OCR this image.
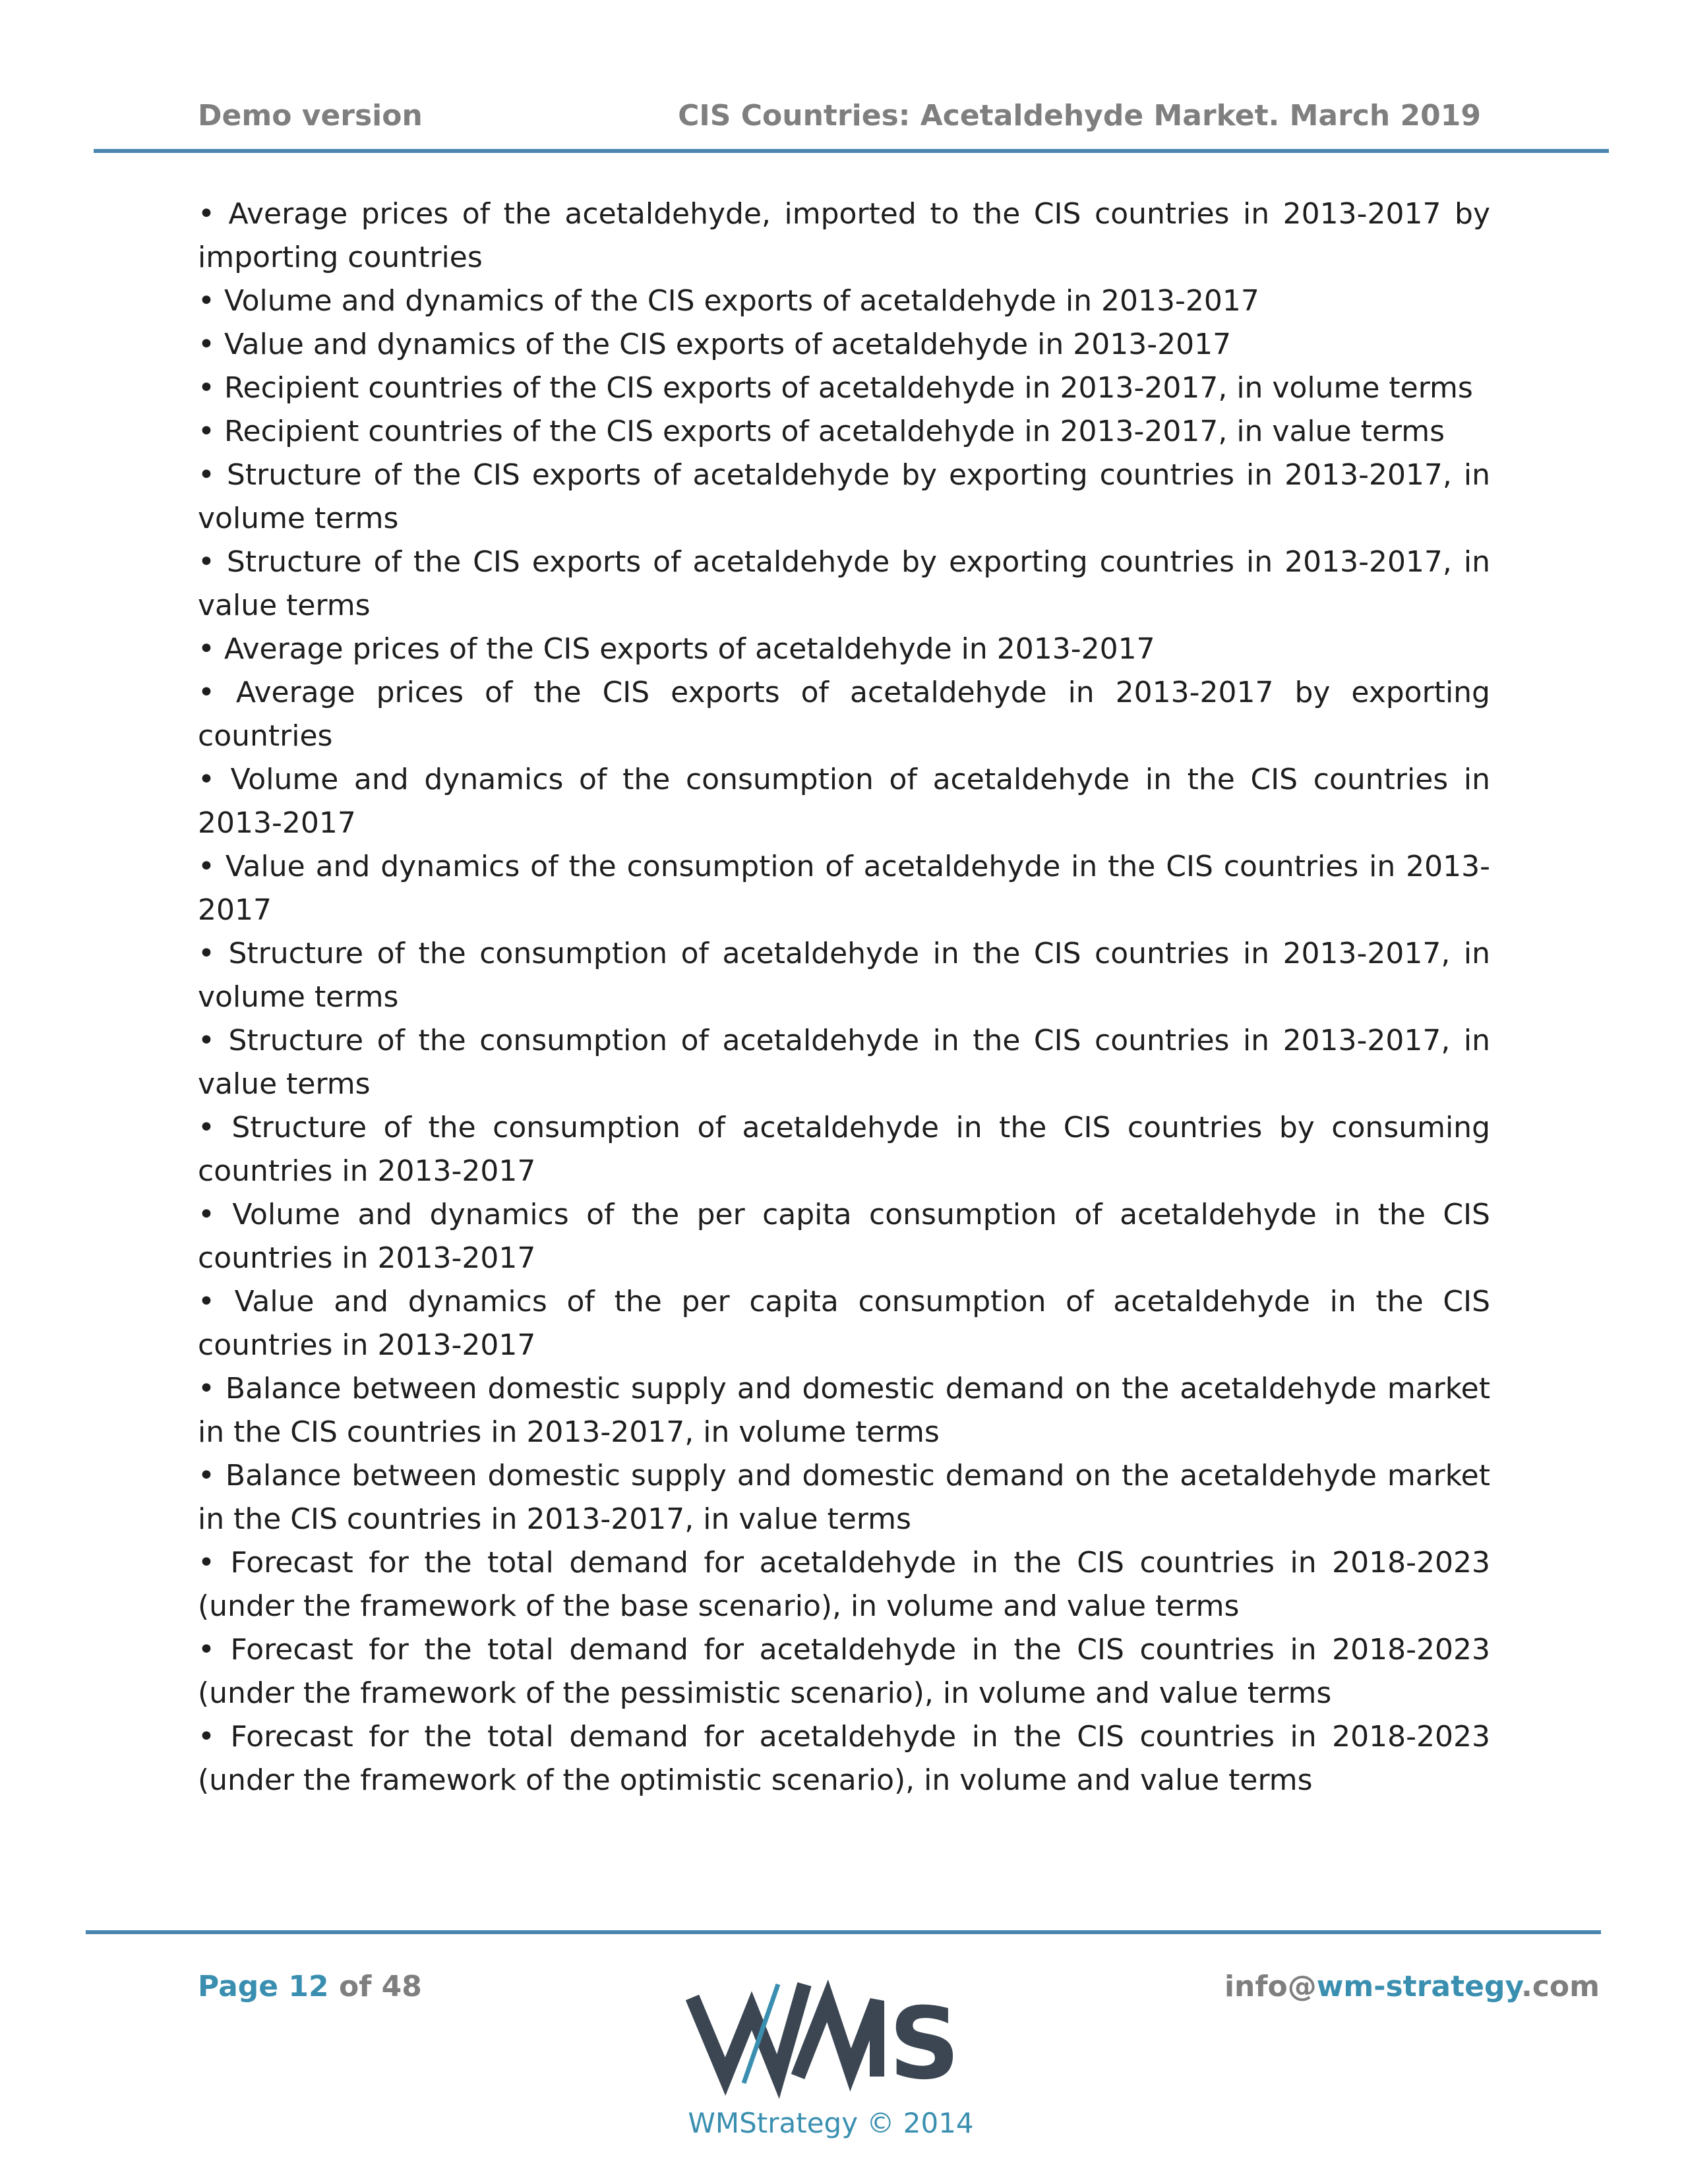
Demo version	CIS Countries: Acetaldehyde Market. March 2019

• Average prices of the acetaldehyde, imported to the CIS countries in 2013-2017 by importing countries

• Volume and dynamics of the CIS exports of acetaldehyde in 2013-2017

• Value and dynamics of the CIS exports of acetaldehyde in 2013-2017

• Recipient countries of the CIS exports of acetaldehyde in 2013-2017, in volume terms

• Recipient countries of the CIS exports of acetaldehyde in 2013-2017, in value terms

• Structure of the CIS exports of acetaldehyde by exporting countries in 2013-2017, in volume terms

• Structure of the CIS exports of acetaldehyde by exporting countries in 2013-2017, in value terms

• Average prices of the CIS exports of acetaldehyde in 2013-2017

• Average prices of the CIS exports of acetaldehyde in 2013-2017 by exporting countries

• Volume and dynamics of the consumption of acetaldehyde in the CIS countries in 2013-2017

• Value and dynamics of the consumption of acetaldehyde in the CIS countries in 2013-2017

• Structure of the consumption of acetaldehyde in the CIS countries in 2013-2017, in volume terms

• Structure of the consumption of acetaldehyde in the CIS countries in 2013-2017, in value terms

• Structure of the consumption of acetaldehyde in the CIS countries by consuming countries in 2013-2017

• Volume and dynamics of the per capita consumption of acetaldehyde in the CIS countries in 2013-2017

• Value and dynamics of the per capita consumption of acetaldehyde in the CIS countries in 2013-2017

• Balance between domestic supply and domestic demand on the acetaldehyde market in the CIS countries in 2013-2017, in volume terms

• Balance between domestic supply and domestic demand on the acetaldehyde market in the CIS countries in 2013-2017, in value terms

• Forecast for the total demand for acetaldehyde in the CIS countries in 2018-2023 (under the framework of the base scenario), in volume and value terms

• Forecast for the total demand for acetaldehyde in the CIS countries in 2018-2023 (under the framework of the pessimistic scenario), in volume and value terms

• Forecast for the total demand for acetaldehyde in the CIS countries in 2018-2023 (under the framework of the optimistic scenario), in volume and value terms

Page 12 of 48	info@wm-strategy.com
S
WMStrategy © 2014
